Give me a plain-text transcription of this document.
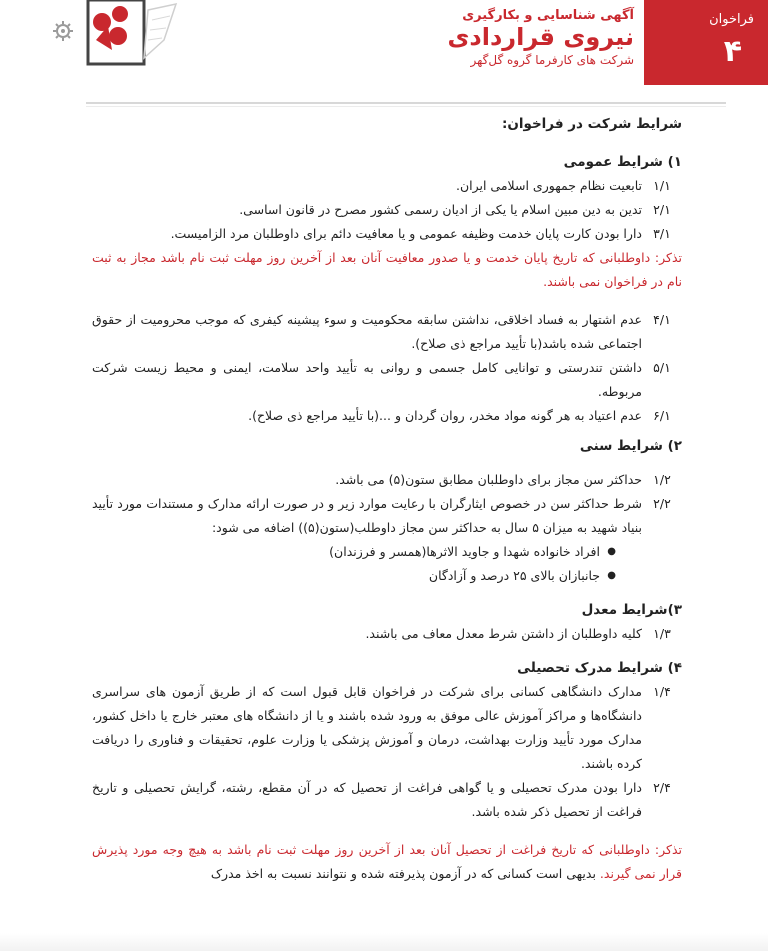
فراخوان
۴
آگهی شناسایی و بکارگیری
نیروی قراردادی
شرکت های کارفرما گروه گل‌گهر

شرایط شرکت در فراخوان:

۱) شرایط عمومی

۱/۱
تابعیت نظام جمهوری اسلامی ایران.
۲/۱
تدین به دین مبین اسلام یا یکی از ادیان رسمی کشور مصرح در قانون اساسی.
۳/۱
دارا بودن کارت پایان خدمت وظیفه عمومی و یا معافیت دائم برای داوطلبان مرد الزامیست.

تذکر: داوطلبانی که تاریخ پایان خدمت و یا صدور معافیت آنان بعد از آخرین روز مهلت ثبت نام باشد مجاز به ثبت نام در فراخوان نمی باشند.

۴/۱
عدم اشتهار به فساد اخلاقی، نداشتن سابقه محکومیت و سوء پیشینه کیفری که موجب محرومیت از حقوق اجتماعی شده باشد(با تأیید مراجع ذی صلاح).
۵/۱
داشتن تندرستی و توانایی کامل جسمی و روانی به تأیید واحد سلامت، ایمنی و محیط زیست شرکت مربوطه.
۶/۱
عدم اعتیاد به هر گونه مواد مخدر، روان گردان و ...(با تأیید مراجع ذی صلاح).

۲) شرایط سنی

۱/۲
حداکثر سن مجاز برای داوطلبان مطابق ستون(۵) می باشد.
۲/۲
شرط حداکثر سن در خصوص ایثارگران با رعایت موارد زیر و در صورت ارائه مدارک و مستندات مورد تأیید بنیاد شهید به میزان ۵ سال به حداکثر سن مجاز داوطلب(ستون(۵)) اضافه می شود:
●
افراد خانواده شهدا و جاوید الاثرها(همسر و فرزندان)
●
جانبازان بالای ۲۵ درصد و آزادگان

۳)شرایط معدل

۱/۳
کلیه داوطلبان از داشتن شرط معدل معاف می باشند.

۴) شرایط مدرک تحصیلی

۱/۴
مدارک دانشگاهی کسانی برای شرکت در فراخوان قابل قبول است که از طریق آزمون های سراسری دانشگاه‌ها و مراکز آموزش عالی موفق به ورود شده باشند و یا از دانشگاه های معتبر خارج یا داخل کشور، مدارک مورد تأیید وزارت بهداشت، درمان و آموزش پزشکی یا وزارت علوم، تحقیقات و فناوری را دریافت کرده باشند.
۲/۴
دارا بودن مدرک تحصیلی و یا گواهی فراغت از تحصیل که در آن مقطع، رشته، گرایش تحصیلی و تاریخ فراغت از تحصیل ذکر شده باشد.

تذکر: داوطلبانی که تاریخ فراغت از تحصیل آنان بعد از آخرین روز مهلت ثبت نام باشد به هیچ وجه مورد پذیرش قرار نمی گیرند. بدیهی است کسانی که در آزمون پذیرفته شده و نتوانند نسبت به اخذ مدرک
